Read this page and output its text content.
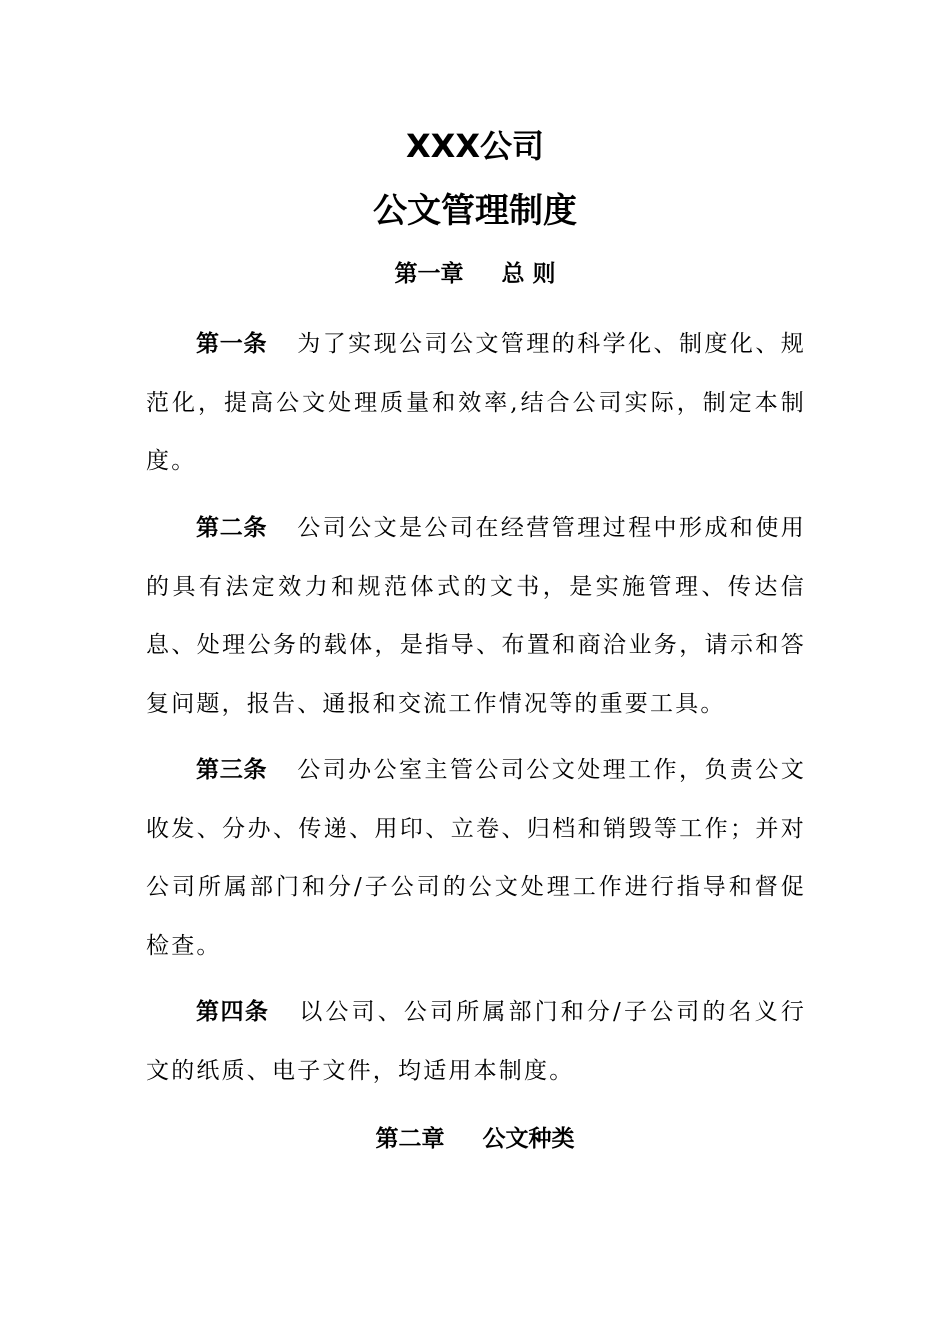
XXX公司
公文管理制度
第一章 总 则

第一条 为了实现公司公文管理的科学化、制度化、规范化，提高公文处理质量和效率,结合公司实际，制定本制度。

第二条 公司公文是公司在经营管理过程中形成和使用的具有法定效力和规范体式的文书，是实施管理、传达信息、处理公务的载体，是指导、布置和商洽业务，请示和答复问题，报告、通报和交流工作情况等的重要工具。

第三条 公司办公室主管公司公文处理工作，负责公文收发、分办、传递、用印、立卷、归档和销毁等工作；并对公司所属部门和分/子公司的公文处理工作进行指导和督促检查。

第四条 以公司、公司所属部门和分/子公司的名义行文的纸质、电子文件，均适用本制度。

第二章 公文种类
